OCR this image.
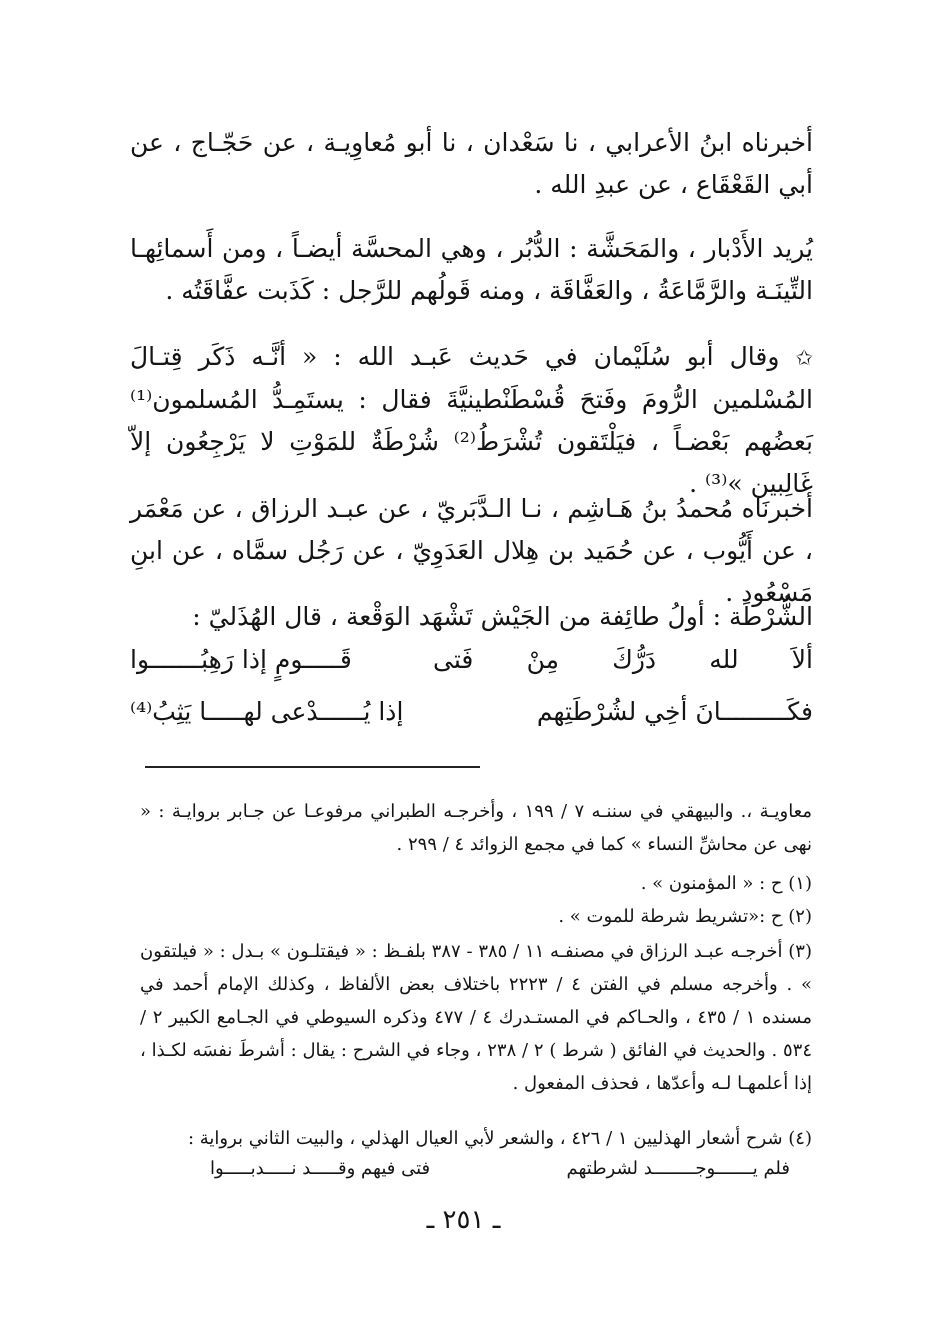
أخبرناه ابنُ الأعرابي ، نا سَعْدان ، نا أبو مُعاوِيـة ، عن حَجّـاج ، عن أبي القَعْقَاع ، عن عبدِ الله .

يُريد الأَدْبار ، والمَحَشَّة : الدُّبُر ، وهي المحسَّة أيضـاً ، ومن أَسمائِهـا التِّينَـة والرَّمَّاعَةُ ، والعَفَّاقَة ، ومنه قَولُهم للرَّجل : كَذَبت عفَّاقَتُه .

✩ وقال أبو سُلَيْمان في حَديث عَبـد الله : « أنَّـه ذَكَر قِتـالَ المُسْلمين الرُّومَ وفَتحَ قُسْطَنْطينيَّةَ فقال : يستَمِـدُّ المُسلمون⁽¹⁾ بَعضُهم بَعْضـاً ، فيَلْتَقون تُشْرَطُ⁽²⁾ شُرْطَةٌ للمَوْتِ لا يَرْجِعُون إلاّ غَالِبين »⁽³⁾ .

أخبرنَاه مُحمدُ بنُ هَـاشِم ، نـا الـدَّبَريّ ، عن عبـد الرزاق ، عن مَعْمَر ، عن أَيُّوب ، عن حُمَيد بن هِلال العَدَوِيّ ، عن رَجُل سمَّاه ، عن ابنِ مَسْعُود .

الشُّرْطَة : أولُ طائِفة من الجَيْش تَشْهَد الوَقْعة ، قال الهُذَليّ :

ألاَ
لله
دَرُّكَ
مِنْ
فَتى
قَـــــومٍ إذا رَهِبُـــــــوا
فكَـــــــــانَ أخِي لشُرْطَتِهم
إذا يُــــــدْعى لهـــــا يَثِبُ⁽⁴⁾

معاويـة ،. والبيهقي في سننـه ٧ / ١٩٩ ، وأخرجـه الطبراني مرفوعـا عن جـابر بروايـة : « نهى عن محاشِّ النساء » كما في مجمع الزوائد ٤ / ٢٩٩ .

(١) ح : « المؤمنون » .

(٢) ح :«تشريط شرطة للموت » .

(٣) أخرجـه عبـد الرزاق في مصنفـه ١١ / ٣٨٥ - ٣٨٧ بلفـظ : « فيقتلـون » بـدل : « فيلتقون » . وأخرجه مسلم في الفتن ٤ / ٢٢٢٣ باختلاف بعض الألفاظ ، وكذلك الإمام أحمد في مسنده ١ / ٤٣٥ ، والحـاكم في المستـدرك ٤ / ٤٧٧ وذكره السيوطي في الجـامع الكبير ٢ / ٥٣٤ . والحديث في الفائق ( شرط ) ٢ / ٢٣٨ ، وجاء في الشرح : يقال : أشرطَ نفسَه لكـذا ، إذا أعلمهـا لـه وأعدّها ، فحذف المفعول .

(٤) شرح أشعار الهذليين ١ / ٤٢٦ ، والشعر لأبي العيال الهذلي ، والبيت الثاني برواية :

فلم يـــــــوجــــــــد لشرطتهم
فتى فيهم وقـــــد نـــــدبـــــوا
ـ ٢٥١ ـ
